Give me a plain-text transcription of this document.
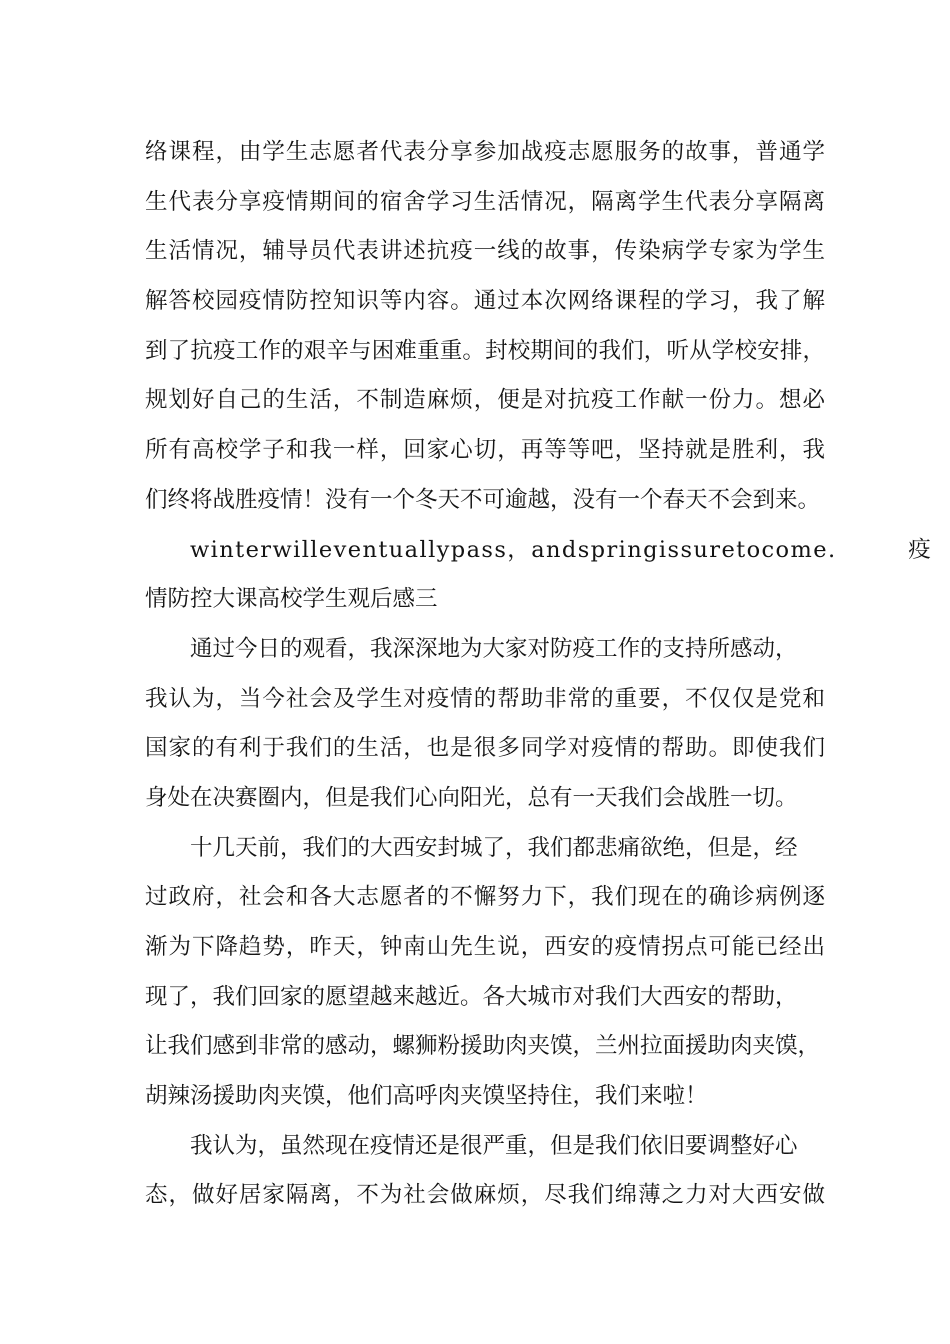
络课程，由学生志愿者代表分享参加战疫志愿服务的故事，普通学
生代表分享疫情期间的宿舍学习生活情况，隔离学生代表分享隔离
生活情况，辅导员代表讲述抗疫一线的故事，传染病学专家为学生
解答校园疫情防控知识等内容。通过本次网络课程的学习，我了解
到了抗疫工作的艰辛与困难重重。封校期间的我们，听从学校安排，
规划好自己的生活，不制造麻烦，便是对抗疫工作献一份力。想必
所有高校学子和我一样，回家心切，再等等吧，坚持就是胜利，我
们终将战胜疫情！没有一个冬天不可逾越，没有一个春天不会到来。
winterwilleventuallypass，andspringissuretocome.　　　疫
情防控大课高校学生观后感三
通过今日的观看，我深深地为大家对防疫工作的支持所感动，
我认为，当今社会及学生对疫情的帮助非常的重要，不仅仅是党和
国家的有利于我们的生活，也是很多同学对疫情的帮助。即使我们
身处在决赛圈内，但是我们心向阳光，总有一天我们会战胜一切。
十几天前，我们的大西安封城了，我们都悲痛欲绝，但是，经
过政府，社会和各大志愿者的不懈努力下，我们现在的确诊病例逐
渐为下降趋势，昨天，钟南山先生说，西安的疫情拐点可能已经出
现了，我们回家的愿望越来越近。各大城市对我们大西安的帮助，
让我们感到非常的感动，螺狮粉援助肉夹馍，兰州拉面援助肉夹馍，
胡辣汤援助肉夹馍，他们高呼肉夹馍坚持住，我们来啦！
我认为，虽然现在疫情还是很严重，但是我们依旧要调整好心
态，做好居家隔离，不为社会做麻烦，尽我们绵薄之力对大西安做
